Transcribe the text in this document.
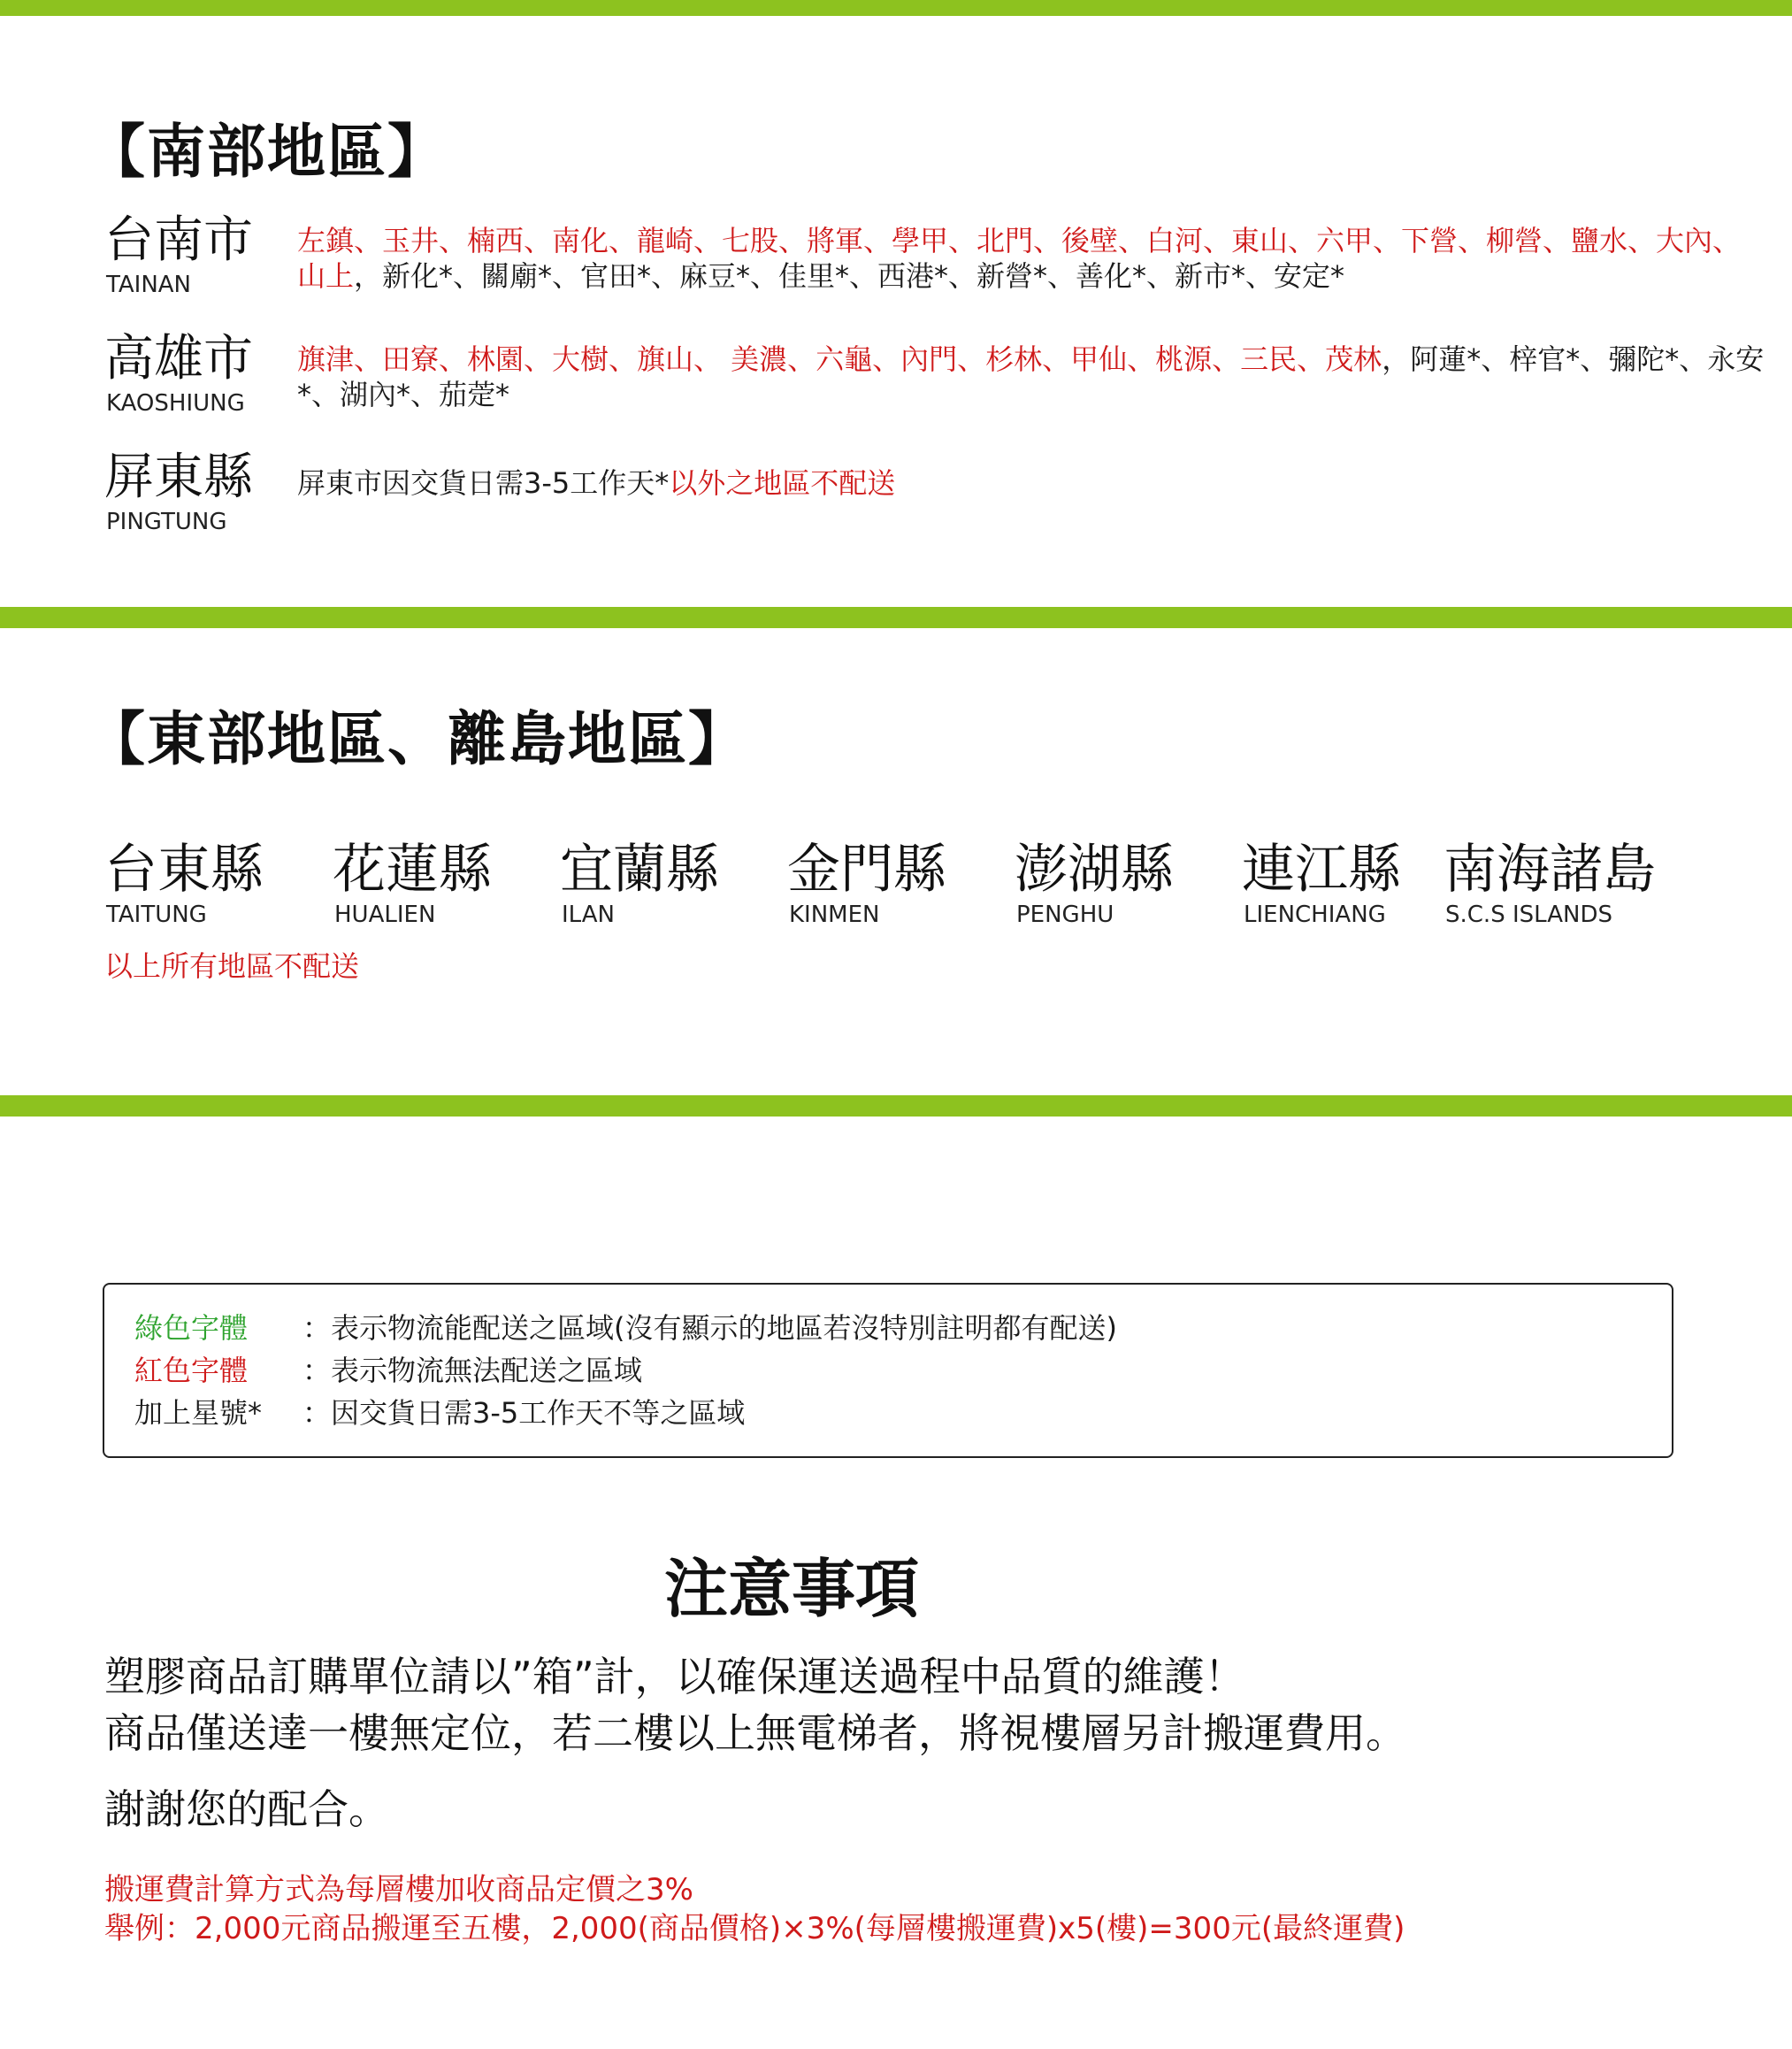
【南部地區】
台南市
TAINAN

左鎮、玉井、楠西、南化、龍崎、七股、將軍、學甲、北門、後壁、白河、東山、六甲、下營、柳營、鹽水、大內、山上，新化*、關廟*、官田*、麻豆*、佳里*、西港*、新營*、善化*、新市*、安定*

高雄市
KAOSHIUNG

旗津、田寮、林園、大樹、旗山、 美濃、六龜、內門、杉林、甲仙、桃源、三民、茂林，阿蓮*、梓官*、彌陀*、永安*、湖內*、茄萣*

屏東縣
PINGTUNG

屏東市因交貨日需3-5工作天*以外之地區不配送

【東部地區、離島地區】
台東縣
TAITUNG
花蓮縣
HUALIEN
宜蘭縣
ILAN
金門縣
KINMEN
澎湖縣
PENGHU
連江縣
LIENCHIANG
南海諸島
S.C.S ISLANDS
以上所有地區不配送
綠色字體 ：表示物流能配送之區域(沒有顯示的地區若沒特別註明都有配送)
紅色字體 ：表示物流無法配送之區域
加上星號* ：因交貨日需3-5工作天不等之區域
注意事項

塑膠商品訂購單位請以”箱”計，以確保運送過程中品質的維護！

商品僅送達一樓無定位，若二樓以上無電梯者，將視樓層另計搬運費用。

謝謝您的配合。

搬運費計算方式為每層樓加收商品定價之3%

舉例：2,000元商品搬運至五樓，2,000(商品價格)×3%(每層樓搬運費)x5(樓)=300元(最終運費)
